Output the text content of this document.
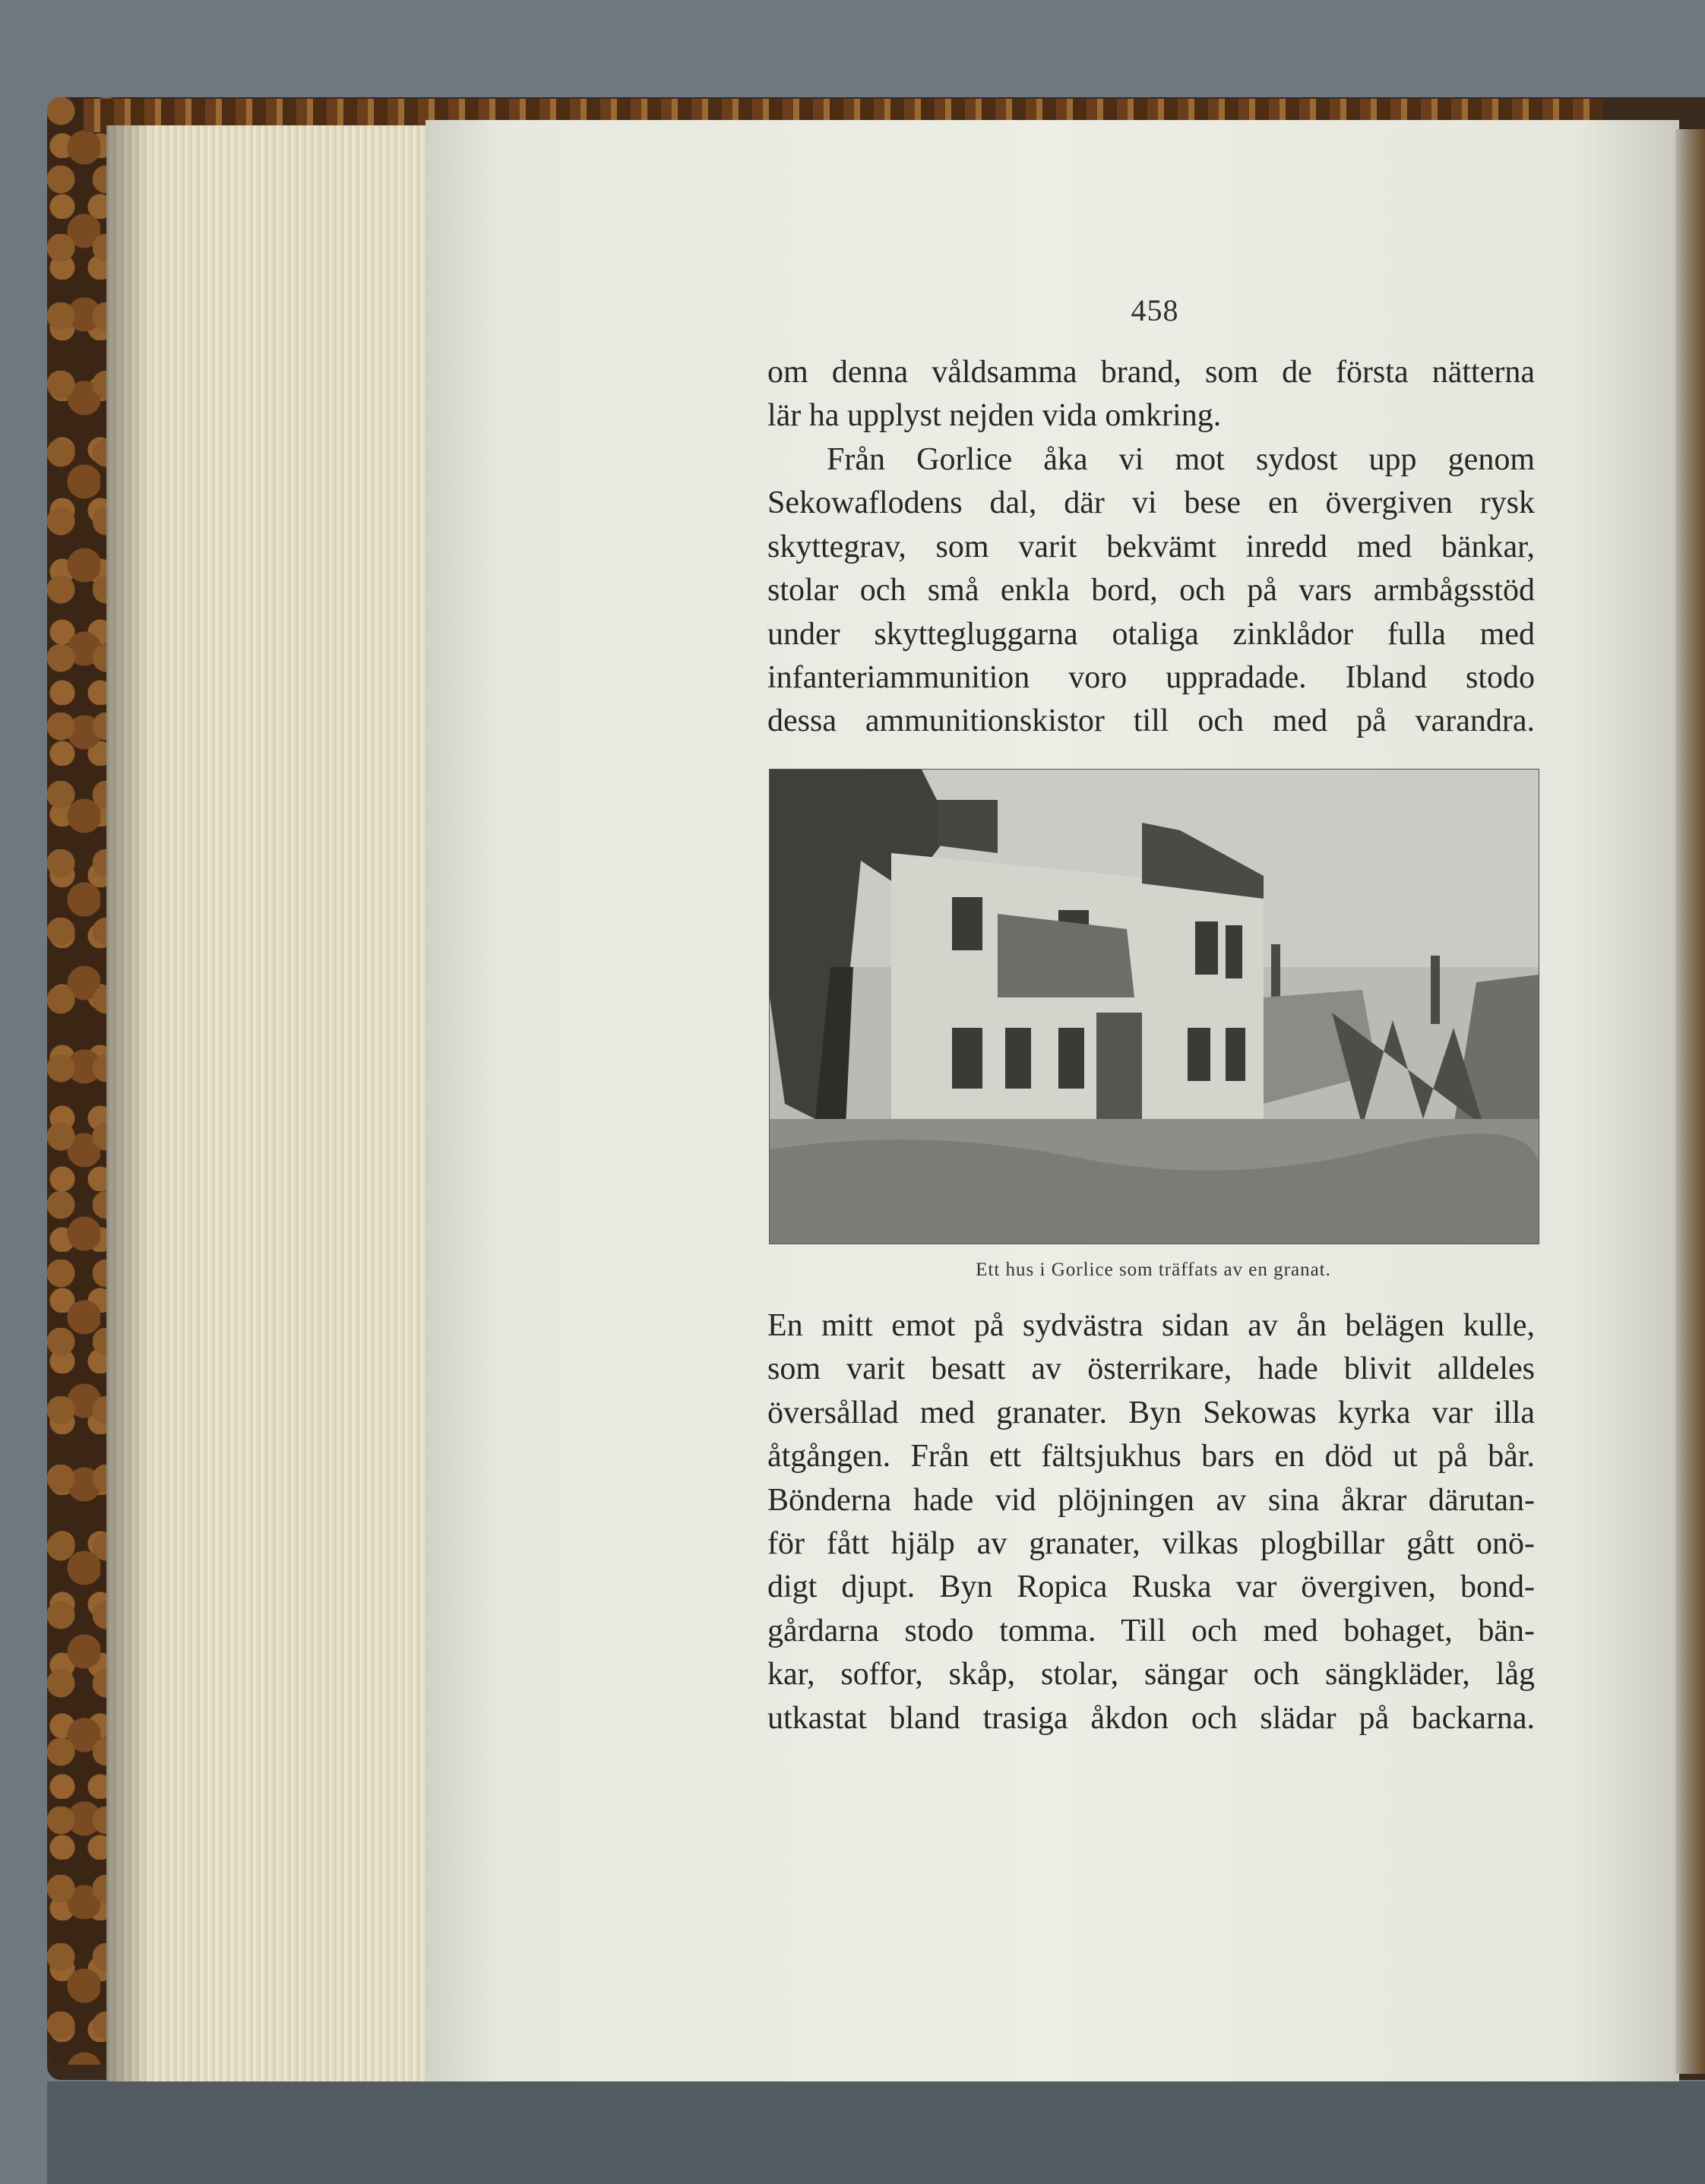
458
om denna våldsamma brand, som de första nätterna
lär ha upplyst nejden vida omkring.
Från Gorlice åka vi mot sydost upp genom
Sekowaflodens dal, där vi bese en övergiven rysk
skyttegrav, som varit bekvämt inredd med bänkar,
stolar och små enkla bord, och på vars armbågsstöd
under skyttegluggarna otaliga zinklådor fulla med
infanteriammunition voro uppradade. Ibland stodo
dessa ammunitionskistor till och med på varandra.
Ett hus i Gorlice som träffats av en granat.
En mitt emot på sydvästra sidan av ån belägen kulle,
som varit besatt av österrikare, hade blivit alldeles
översållad med granater. Byn Sekowas kyrka var illa
åtgången. Från ett fältsjukhus bars en död ut på bår.
Bönderna hade vid plöjningen av sina åkrar därutan-
för fått hjälp av granater, vilkas plogbillar gått onö-
digt djupt. Byn Ropica Ruska var övergiven, bond-
gårdarna stodo tomma. Till och med bohaget, bän-
kar, soffor, skåp, stolar, sängar och sängkläder, låg
utkastat bland trasiga åkdon och slädar på backarna.
